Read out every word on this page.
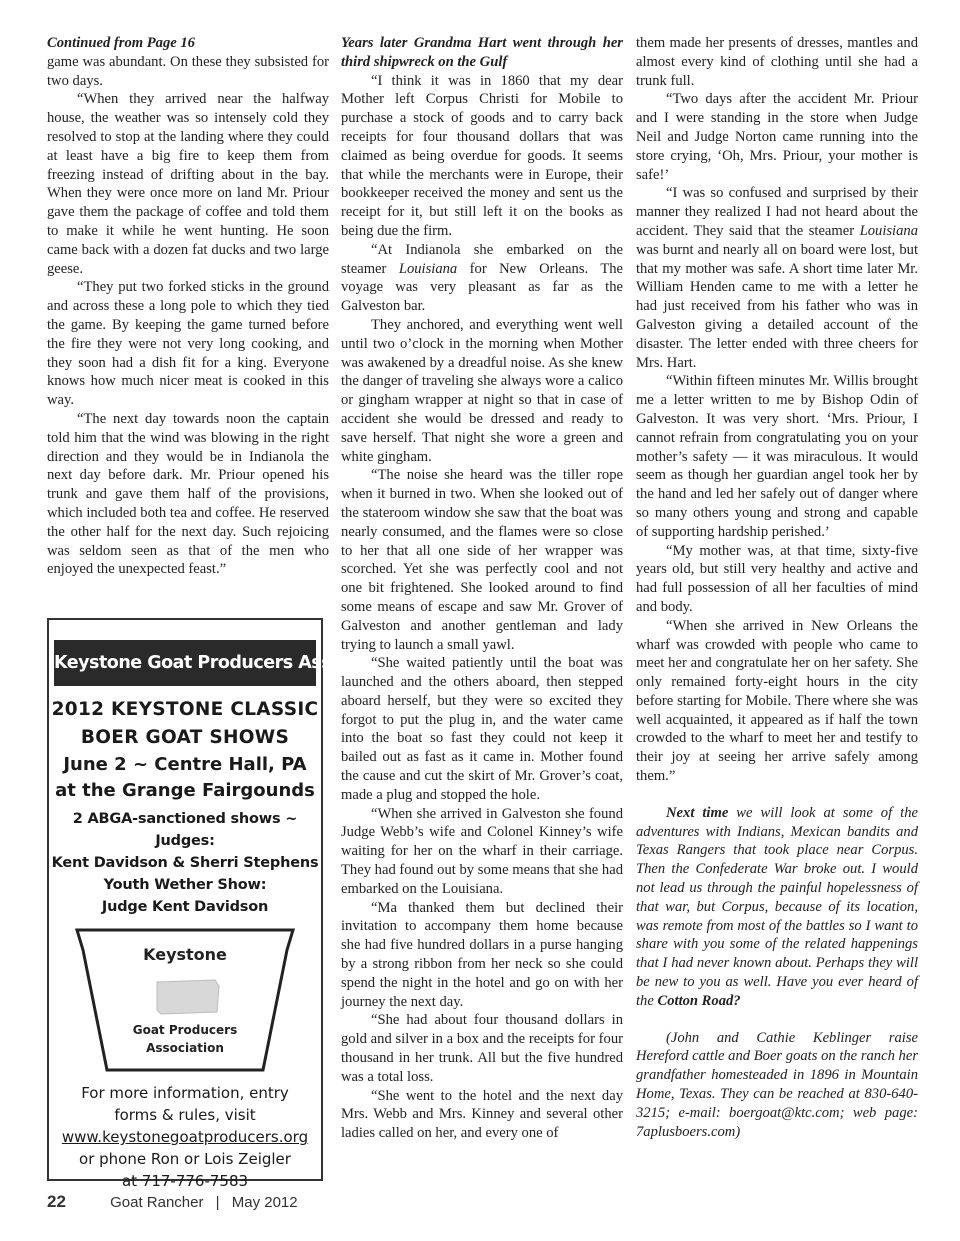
Continued from Page 16

game was abundant. On these they subsisted for two days.

“When they arrived near the halfway house, the weather was so intensely cold they resolved to stop at the landing where they could at least have a big fire to keep them from freezing instead of drifting about in the bay. When they were once more on land Mr. Priour gave them the package of coffee and told them to make it while he went hunting. He soon came back with a dozen fat ducks and two large geese.

“They put two forked sticks in the ground and across these a long pole to which they tied the game. By keeping the game turned before the fire they were not very long cooking, and they soon had a dish fit for a king. Everyone knows how much nicer meat is cooked in this way.

“The next day towards noon the captain told him that the wind was blowing in the right direction and they would be in Indianola the next day before dark. Mr. Priour opened his trunk and gave them half of the provisions, which included both tea and coffee. He reserved the other half for the next day. Such rejoicing was seldom seen as that of the men who enjoyed the unexpected feast.”

Keystone Goat Producers Association
2012 KEYSTONE CLASSIC
BOER GOAT SHOWS
June 2 ~ Centre Hall, PA
at the Grange Fairgounds
2 ABGA-sanctioned shows ~ Judges:
Kent Davidson & Sherri Stephens
Youth Wether Show:
Judge Kent Davidson
Keystone
Goat Producers
Association
For more information, entry
forms & rules, visit
www.keystonegoatproducers.org
or phone Ron or Lois Zeigler
at 717-776-7583

Years later Grandma Hart went through her third shipwreck on the Gulf

“I think it was in 1860 that my dear Mother left Corpus Christi for Mobile to purchase a stock of goods and to carry back receipts for four thousand dollars that was claimed as being overdue for goods. It seems that while the merchants were in Europe, their bookkeeper received the money and sent us the receipt for it, but still left it on the books as being due the firm.

“At Indianola she embarked on the steamer Louisiana for New Orleans. The voyage was very pleasant as far as the Galveston bar.

They anchored, and everything went well until two o’clock in the morning when Mother was awakened by a dreadful noise. As she knew the danger of traveling she always wore a calico or gingham wrapper at night so that in case of accident she would be dressed and ready to save herself. That night she wore a green and white gingham.

“The noise she heard was the tiller rope when it burned in two. When she looked out of the stateroom window she saw that the boat was nearly consumed, and the flames were so close to her that all one side of her wrapper was scorched. Yet she was perfectly cool and not one bit frightened. She looked around to find some means of escape and saw Mr. Grover of Galveston and another gentleman and lady trying to launch a small yawl.

“She waited patiently until the boat was launched and the others aboard, then stepped aboard herself, but they were so excited they forgot to put the plug in, and the water came into the boat so fast they could not keep it bailed out as fast as it came in. Mother found the cause and cut the skirt of Mr. Grover’s coat, made a plug and stopped the hole.

“When she arrived in Galveston she found Judge Webb’s wife and Colonel Kinney’s wife waiting for her on the wharf in their carriage. They had found out by some means that she had embarked on the Louisiana.

“Ma thanked them but declined their invitation to accompany them home because she had five hundred dollars in a purse hanging by a strong ribbon from her neck so she could spend the night in the hotel and go on with her journey the next day.

“She had about four thousand dollars in gold and silver in a box and the receipts for four thousand in her trunk. All but the five hundred was a total loss.

“She went to the hotel and the next day Mrs. Webb and Mrs. Kinney and several other ladies called on her, and every one of

them made her presents of dresses, mantles and almost every kind of clothing until she had a trunk full.

“Two days after the accident Mr. Priour and I were standing in the store when Judge Neil and Judge Norton came running into the store crying, ‘Oh, Mrs. Priour, your mother is safe!’

“I was so confused and surprised by their manner they realized I had not heard about the accident. They said that the steamer Louisiana was burnt and nearly all on board were lost, but that my mother was safe. A short time later Mr. William Henden came to me with a letter he had just received from his father who was in Galveston giving a detailed account of the disaster. The letter ended with three cheers for Mrs. Hart.

“Within fifteen minutes Mr. Willis brought me a letter written to me by Bishop Odin of Galveston. It was very short. ‘Mrs. Priour, I cannot refrain from congratulating you on your mother’s safety — it was miraculous. It would seem as though her guardian angel took her by the hand and led her safely out of danger where so many others young and strong and capable of supporting hardship perished.’

“My mother was, at that time, sixty-five years old, but still very healthy and active and had full possession of all her faculties of mind and body.

“When she arrived in New Orleans the wharf was crowded with people who came to meet her and congratulate her on her safety. She only remained forty-eight hours in the city before starting for Mobile. There where she was well acquainted, it appeared as if half the town crowded to the wharf to meet her and testify to their joy at seeing her arrive safely among them.”

Next time we will look at some of the adventures with Indians, Mexican bandits and Texas Rangers that took place near Corpus. Then the Confederate War broke out. I would not lead us through the painful hopelessness of that war, but Corpus, because of its location, was remote from most of the battles so I want to share with you some of the related happenings that I had never known about. Perhaps they will be new to you as well. Have you ever heard of the Cotton Road?

(John and Cathie Keblinger raise Hereford cattle and Boer goats on the ranch her grandfather homesteaded in 1896 in Mountain Home, Texas. They can be reached at 830-640-3215; e-mail: boergoat@ktc.com; web page: 7aplusboers.com)

22	Goat Rancher | May 2012
